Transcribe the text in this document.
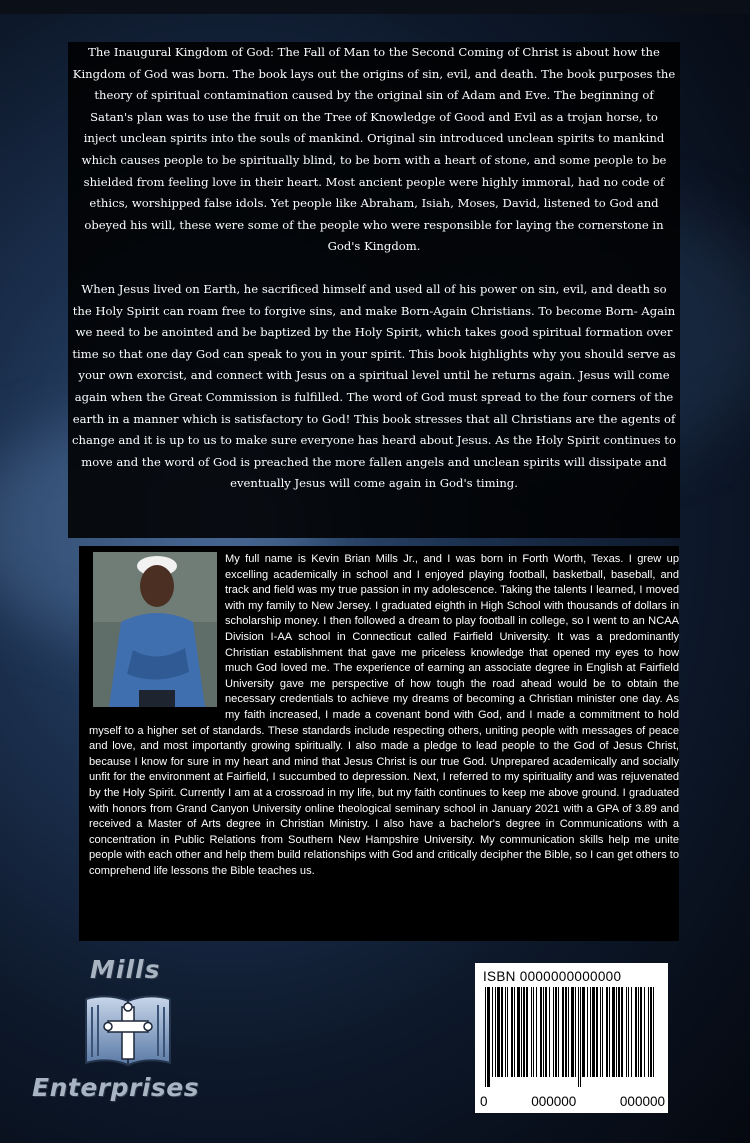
The Inaugural Kingdom of God: The Fall of Man to the Second Coming of Christ is about how the Kingdom of God was born. The book lays out the origins of sin, evil, and death. The book purposes the theory of spiritual contamination caused by the original sin of Adam and Eve. The beginning of Satan's plan was to use the fruit on the Tree of Knowledge of Good and Evil as a trojan horse, to inject unclean spirits into the souls of mankind. Original sin introduced unclean spirits to mankind which causes people to be spiritually blind, to be born with a heart of stone, and some people to be shielded from feeling love in their heart. Most ancient people were highly immoral, had no code of ethics, worshipped false idols. Yet people like Abraham, Isiah, Moses, David, listened to God and obeyed his will, these were some of the people who were responsible for laying the cornerstone in God's Kingdom.

When Jesus lived on Earth, he sacrificed himself and used all of his power on sin, evil, and death so the Holy Spirit can roam free to forgive sins, and make Born-Again Christians. To become Born- Again we need to be anointed and be baptized by the Holy Spirit, which takes good spiritual formation over time so that one day God can speak to you in your spirit. This book highlights why you should serve as your own exorcist, and connect with Jesus on a spiritual level until he returns again. Jesus will come again when the Great Commission is fulfilled. The word of God must spread to the four corners of the earth in a manner which is satisfactory to God! This book stresses that all Christians are the agents of change and it is up to us to make sure everyone has heard about Jesus. As the Holy Spirit continues to move and the word of God is preached the more fallen angels and unclean spirits will dissipate and eventually Jesus will come again in God's timing.

My full name is Kevin Brian Mills Jr., and I was born in Forth Worth, Texas. I grew up excelling academically in school and I enjoyed playing football, basketball, baseball, and track and field was my true passion in my adolescence. Taking the talents I learned, I moved with my family to New Jersey. I graduated eighth in High School with thousands of dollars in scholarship money. I then followed a dream to play football in college, so I went to an NCAA Division I-AA school in Connecticut called Fairfield University. It was a predominantly Christian establishment that gave me priceless knowledge that opened my eyes to how much God loved me. The experience of earning an associate degree in English at Fairfield University gave me perspective of how tough the road ahead would be to obtain the necessary credentials to achieve my dreams of becoming a Christian minister one day. As my faith increased, I made a covenant bond with God, and I made a commitment to hold myself to a higher set of standards. These standards include respecting others, uniting people with messages of peace and love, and most importantly growing spiritually. I also made a pledge to lead people to the God of Jesus Christ, because I know for sure in my heart and mind that Jesus Christ is our true God. Unprepared academically and socially unfit for the environment at Fairfield, I succumbed to depression. Next, I referred to my spirituality and was rejuvenated by the Holy Spirit. Currently I am at a crossroad in my life, but my faith continues to keep me above ground. I graduated with honors from Grand Canyon University online theological seminary school in January 2021 with a GPA of 3.89 and received a Master of Arts degree in Christian Ministry. I also have a bachelor's degree in Communications with a concentration in Public Relations from Southern New Hampshire University. My communication skills help me unite people with each other and help them build relationships with God and critically decipher the Bible, so I can get others to comprehend life lessons the Bible teaches us.

Mills
Enterprises
ISBN 0000000000000
0	000000	000000
